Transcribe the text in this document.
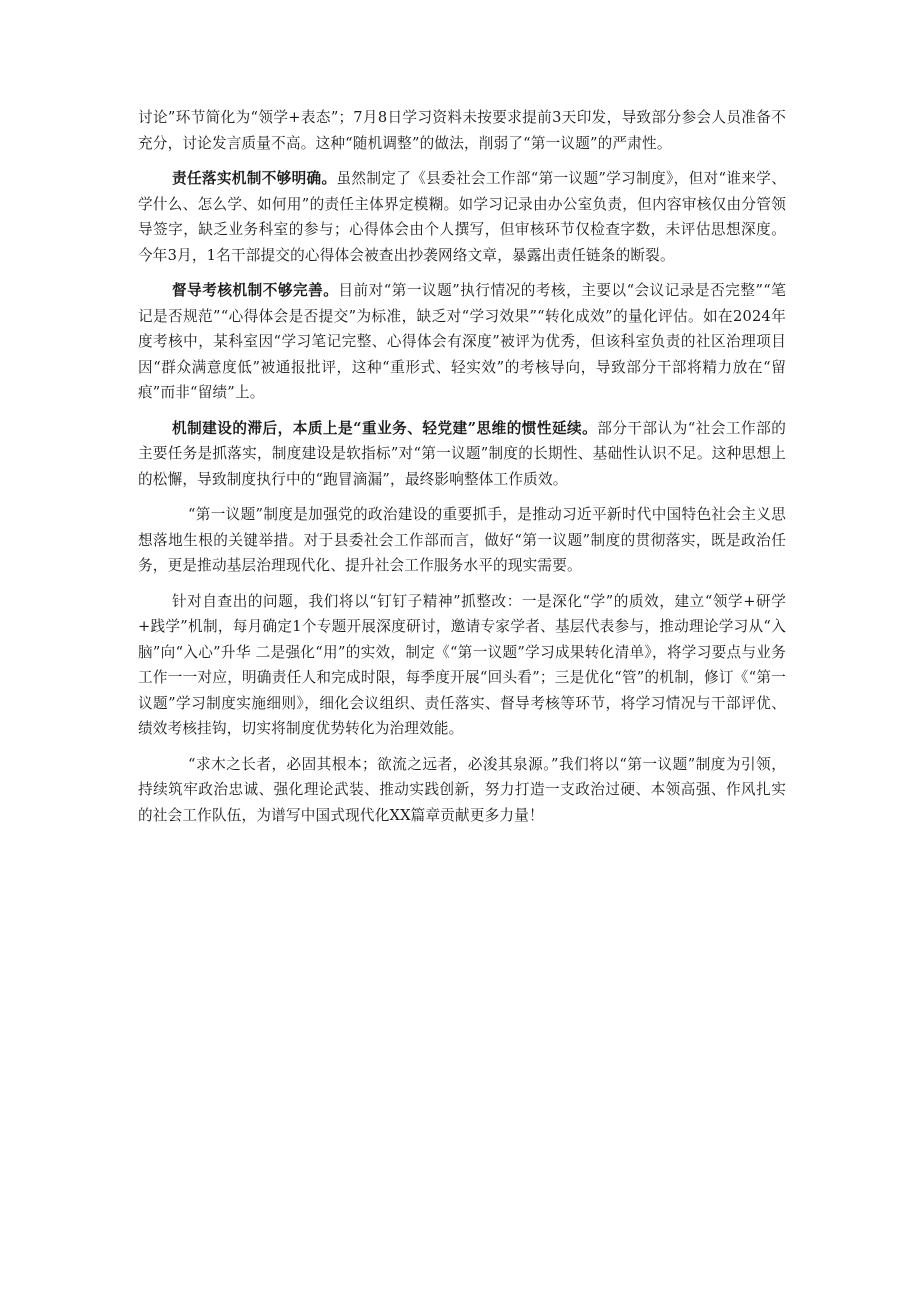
讨论”环节简化为“领学+表态”；7月8日学习资料未按要求提前3天印发，导致部分参会人员准备不充分，讨论发言质量不高。这种“随机调整”的做法，削弱了“第一议题”的严肃性。

责任落实机制不够明确。虽然制定了《县委社会工作部“第一议题”学习制度》，但对“谁来学、学什么、怎么学、如何用”的责任主体界定模糊。如学习记录由办公室负责，但内容审核仅由分管领导签字，缺乏业务科室的参与；心得体会由个人撰写，但审核环节仅检查字数，未评估思想深度。今年3月，1名干部提交的心得体会被查出抄袭网络文章，暴露出责任链条的断裂。

督导考核机制不够完善。目前对“第一议题”执行情况的考核，主要以“会议记录是否完整”“笔记是否规范”“心得体会是否提交”为标准，缺乏对“学习效果”“转化成效”的量化评估。如在2024年度考核中，某科室因“学习笔记完整、心得体会有深度”被评为优秀，但该科室负责的社区治理项目因“群众满意度低”被通报批评，这种“重形式、轻实效”的考核导向，导致部分干部将精力放在“留痕”而非“留绩”上。

机制建设的滞后，本质上是“重业务、轻党建”思维的惯性延续。部分干部认为“社会工作部的主要任务是抓落实，制度建设是软指标”对“第一议题”制度的长期性、基础性认识不足。这种思想上的松懈，导致制度执行中的“跑冒滴漏”，最终影响整体工作质效。

“第一议题”制度是加强党的政治建设的重要抓手，是推动习近平新时代中国特色社会主义思想落地生根的关键举措。对于县委社会工作部而言，做好“第一议题”制度的贯彻落实，既是政治任务，更是推动基层治理现代化、提升社会工作服务水平的现实需要。

针对自查出的问题，我们将以“钉钉子精神”抓整改：一是深化“学”的质效，建立“领学+研学+践学”机制，每月确定1个专题开展深度研讨，邀请专家学者、基层代表参与，推动理论学习从“入脑”向“入心”升华 二是强化“用”的实效，制定《“第一议题”学习成果转化清单》，将学习要点与业务工作一一对应，明确责任人和完成时限，每季度开展“回头看”；三是优化“管”的机制，修订《“第一议题”学习制度实施细则》，细化会议组织、责任落实、督导考核等环节，将学习情况与干部评优、绩效考核挂钩，切实将制度优势转化为治理效能。

“求木之长者，必固其根本；欲流之远者，必浚其泉源。”我们将以“第一议题”制度为引领，持续筑牢政治忠诚、强化理论武装、推动实践创新，努力打造一支政治过硬、本领高强、作风扎实的社会工作队伍，为谱写中国式现代化XX篇章贡献更多力量！
